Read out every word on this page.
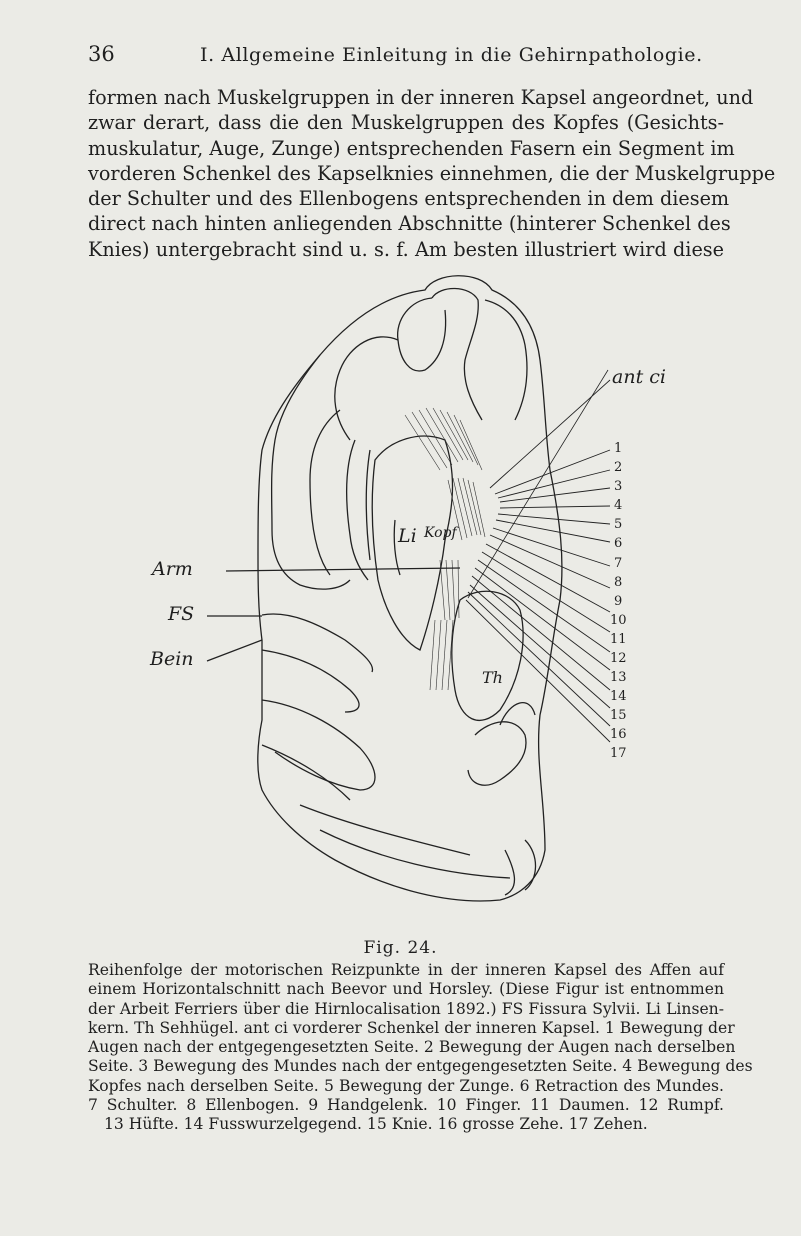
36	I. Allgemeine Einleitung in die Gehirnpathologie.
formen nach Muskelgruppen in der inneren Kapsel angeordnet, und
zwar derart, dass die den Muskelgruppen des Kopfes (Gesichts-
muskulatur, Auge, Zunge) entsprechenden Fasern ein Segment im
vorderen Schenkel des Kapselknies einnehmen, die der Muskelgruppe
der Schulter und des Ellenbogens entsprechenden in dem diesem
direct nach hinten anliegenden Abschnitte (hinterer Schenkel des
Knies) untergebracht sind u. s. f. Am besten illustriert wird diese
ant ci
Arm
FS
Bein
Li Kopf
Th
1
2
3
4
5
6
7
8
9
10
11
12
13
14
15
16
17
Fig. 24.
Reihenfolge der motorischen Reizpunkte in der inneren Kapsel des Affen auf
einem Horizontalschnitt nach Beevor und Horsley. (Diese Figur ist entnommen
der Arbeit Ferriers über die Hirnlocalisation 1892.) FS Fissura Sylvii. Li Linsen-
kern. Th Sehhügel. ant ci vorderer Schenkel der inneren Kapsel. 1 Bewegung der
Augen nach der entgegengesetzten Seite. 2 Bewegung der Augen nach derselben
Seite. 3 Bewegung des Mundes nach der entgegengesetzten Seite. 4 Bewegung des
Kopfes nach derselben Seite. 5 Bewegung der Zunge. 6 Retraction des Mundes.
7 Schulter. 8 Ellenbogen. 9 Handgelenk. 10 Finger. 11 Daumen. 12 Rumpf.
13 Hüfte. 14 Fusswurzelgegend. 15 Knie. 16 grosse Zehe. 17 Zehen.
